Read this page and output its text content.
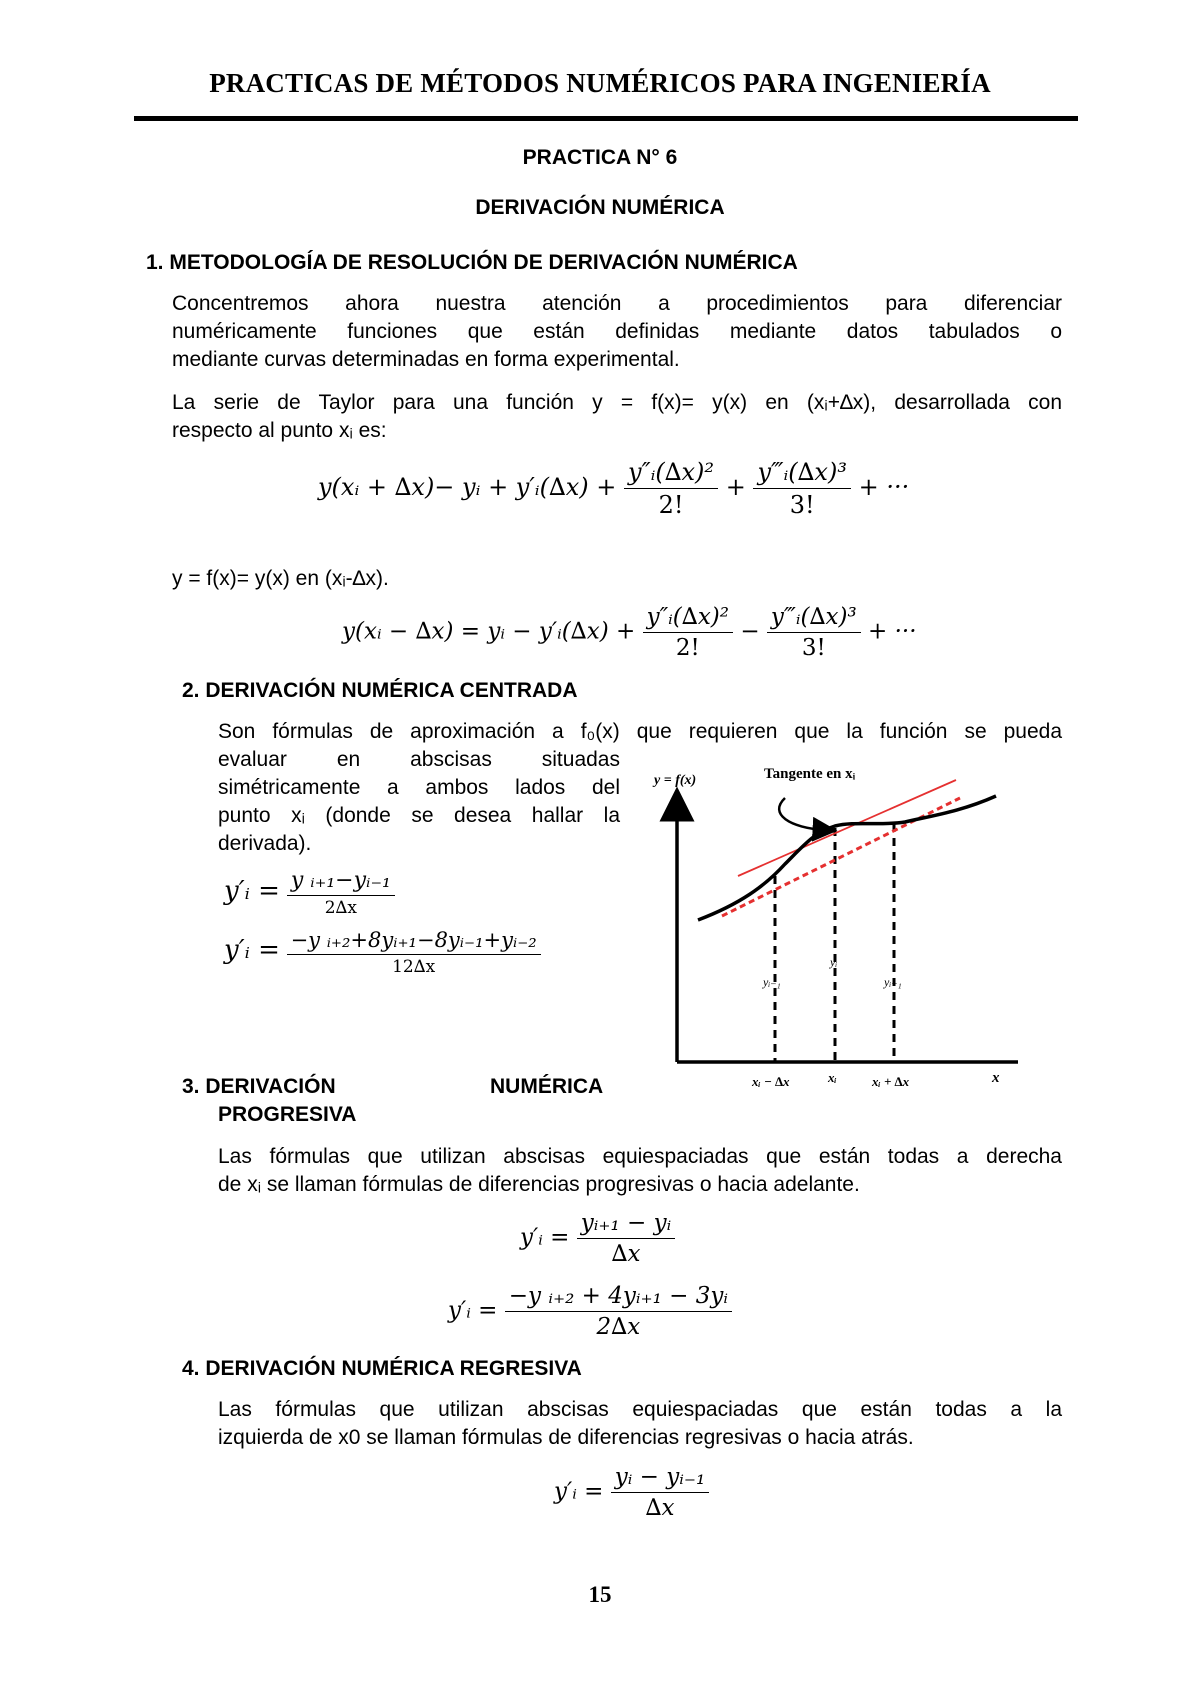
PRACTICAS DE MÉTODOS NUMÉRICOS PARA INGENIERÍA
PRACTICA N° 6
DERIVACIÓN NUMÉRICA
1. METODOLOGÍA DE RESOLUCIÓN DE DERIVACIÓN NUMÉRICA
Concentremos ahora nuestra atención a procedimientos para diferenciar
numéricamente funciones que están definidas mediante datos tabulados o
mediante curvas determinadas en forma experimental.
La serie de Taylor para una función y = f(x)= y(x) en (xᵢ+∆x), desarrollada con
respecto al punto xᵢ es:
y(xᵢ + ∆x)− yᵢ + y′ᵢ(∆x) + $\frac{\text{y″ᵢ(∆x)²}}{2!} + \frac{\text{y‴ᵢ(∆x)³}}{3!}$ + ···
y = f(x)= y(x) en (xᵢ-∆x).
y(xᵢ − ∆x) = yᵢ − y′ᵢ(∆x) + $\frac{\text{y″ᵢ(∆x)²}}{2!} - \frac{\text{y‴ᵢ(∆x)³}}{3!}$ + ···
2. DERIVACIÓN NUMÉRICA CENTRADA
Son fórmulas de aproximación a f₀(x) que requieren que la función se pueda
evaluar en abscisas situadas
simétricamente a ambos lados del
punto xᵢ (donde se desea hallar la
derivada).
y′ᵢ = $\frac{\text{y ᵢ₊₁−yᵢ₋₁}}{2\Delta x}$
y′ᵢ = $\frac{\text{−y ᵢ₊₂+8yᵢ₊₁−8yᵢ₋₁+yᵢ₋₂}}{12\Delta x}$
y = f(x)	Tangente en xᵢ
x
yᵢ₋₁
yᵢ
yᵢ₊₁
xᵢ − ∆x	xᵢ	xᵢ + ∆x
3. DERIVACIÓN	NUMÉRICA
PROGRESIVA
Las fórmulas que utilizan abscisas equiespaciadas que están todas a derecha
de xᵢ se llaman fórmulas de diferencias progresivas o hacia adelante.
y′ᵢ = $\frac{\text{yᵢ₊₁ − yᵢ}}{\Delta x}$
y′ᵢ = $\frac{\text{−y ᵢ₊₂ + 4yᵢ₊₁ − 3yᵢ}}{2\Delta x}$
4. DERIVACIÓN NUMÉRICA REGRESIVA
Las fórmulas que utilizan abscisas equiespaciadas que están todas a la
izquierda de x0 se llaman fórmulas de diferencias regresivas o hacia atrás.
y′ᵢ = $\frac{\text{yᵢ − yᵢ₋₁}}{\Delta x}$
15
